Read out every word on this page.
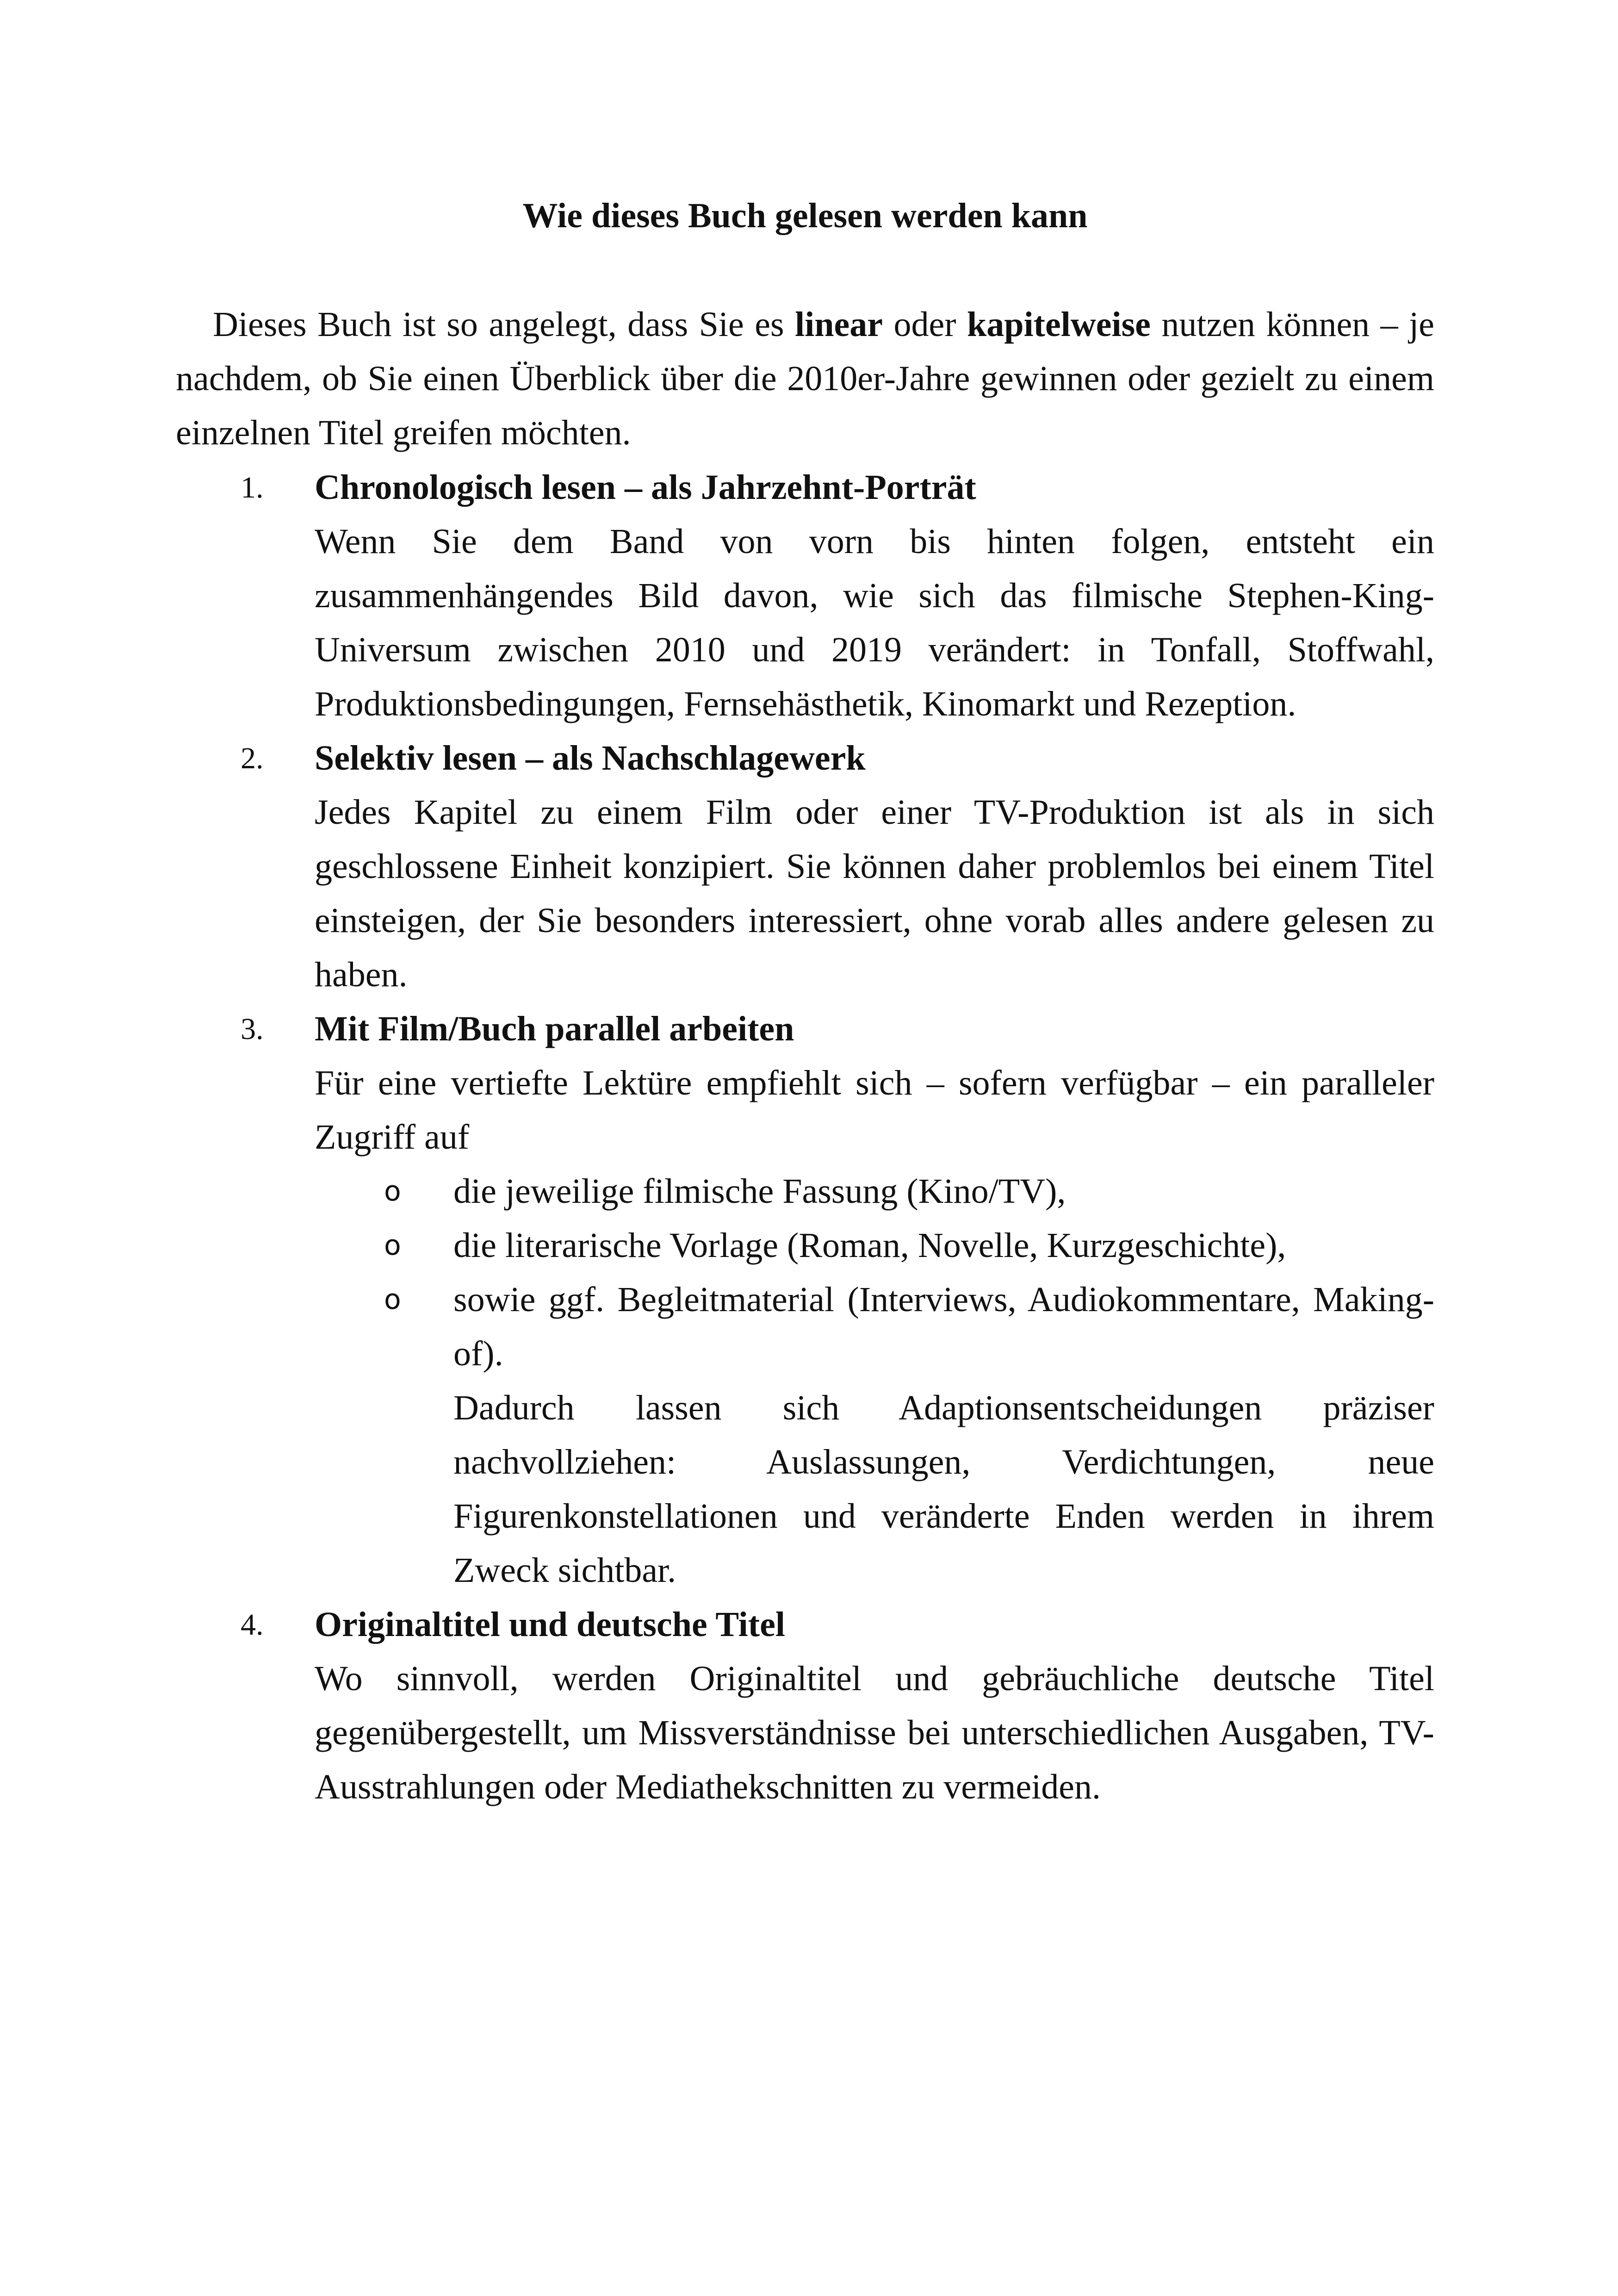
Wie dieses Buch gelesen werden kann

Dieses Buch ist so angelegt, dass Sie es linear oder kapitelweise nutzen können – je nachdem, ob Sie einen Überblick über die 2010er-Jahre gewinnen oder gezielt zu einem einzelnen Titel greifen möchten.

1. Chronologisch lesen – als Jahrzehnt-Porträt
Wenn Sie dem Band von vorn bis hinten folgen, entsteht ein zusammenhängendes Bild davon, wie sich das filmische Stephen-King-Universum zwischen 2010 und 2019 verändert: in Tonfall, Stoffwahl, Produktionsbedingungen, Fernsehästhetik, Kinomarkt und Rezeption.
2. Selektiv lesen – als Nachschlagewerk
Jedes Kapitel zu einem Film oder einer TV-Produktion ist als in sich geschlossene Einheit konzipiert. Sie können daher problemlos bei einem Titel einsteigen, der Sie besonders interessiert, ohne vorab alles andere gelesen zu haben.
3. Mit Film/Buch parallel arbeiten
Für eine vertiefte Lektüre empfiehlt sich – sofern verfügbar – ein paralleler Zugriff auf
o die jeweilige filmische Fassung (Kino/TV),
o die literarische Vorlage (Roman, Novelle, Kurzgeschichte),
o sowie ggf. Begleitmaterial (Interviews, Audiokommentare, Making-of).
Dadurch lassen sich Adaptionsentscheidungen präziser nachvollziehen: Auslassungen, Verdichtungen, neue Figurenkonstellationen und veränderte Enden werden in ihrem Zweck sichtbar.
4. Originaltitel und deutsche Titel
Wo sinnvoll, werden Originaltitel und gebräuchliche deutsche Titel gegenübergestellt, um Missverständnisse bei unterschiedlichen Ausgaben, TV-Ausstrahlungen oder Mediathekschnitten zu vermeiden.
